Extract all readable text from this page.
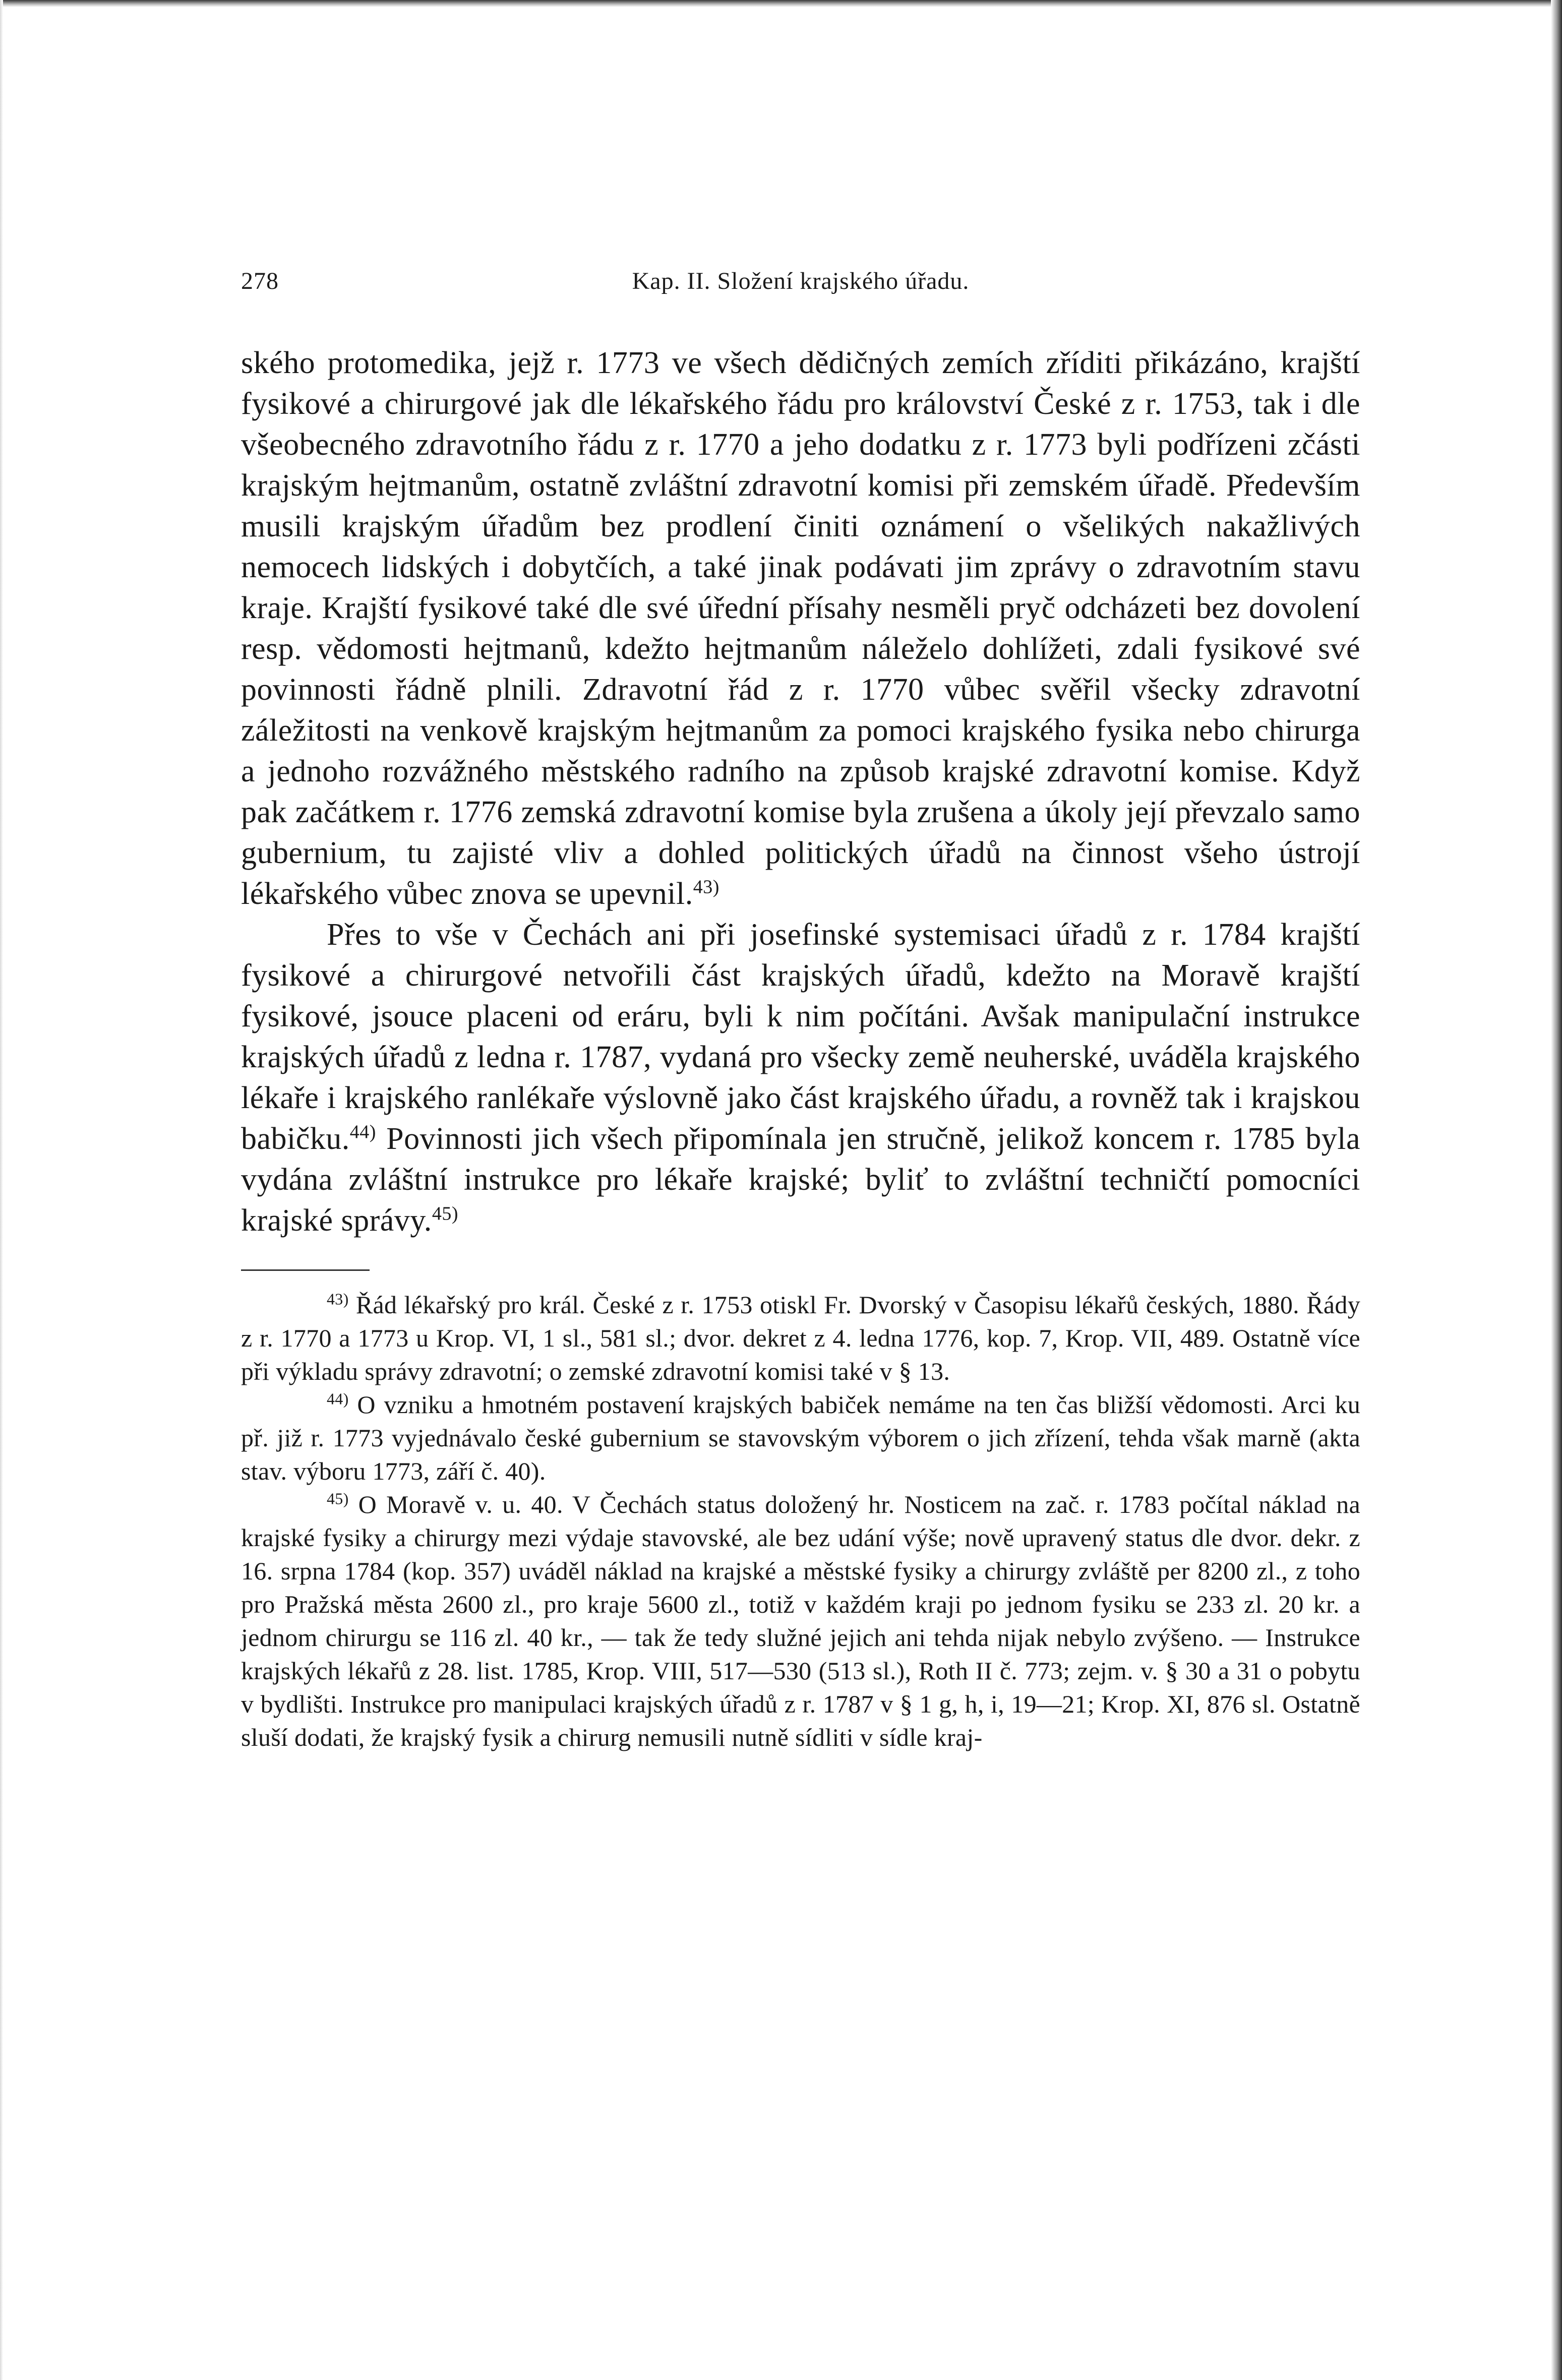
278	Kap. II. Složení krajského úřadu.

ského protomedika, jejž r. 1773 ve všech dědičných zemích zříditi přikázáno, krajští fysikové a chirurgové jak dle lékařského řádu pro království České z r. 1753, tak i dle všeobecného zdravotního řádu z r. 1770 a jeho dodatku z r. 1773 byli podřízeni zčásti krajským hejtmanům, ostatně zvláštní zdravotní komisi při zemském úřadě. Především musili krajským úřadům bez prodlení činiti oznámení o všelikých nakažlivých nemocech lidských i dobytčích, a také jinak podávati jim zprávy o zdravotním stavu kraje. Krajští fysikové také dle své úřední přísahy nesměli pryč odcházeti bez dovolení resp. vědomosti hejtmanů, kdežto hejtmanům náleželo dohlížeti, zdali fysikové své povinnosti řádně plnili. Zdravotní řád z r. 1770 vůbec svěřil všecky zdravotní záležitosti na venkově krajským hejtmanům za pomoci krajského fysika nebo chirurga a jednoho rozvážného městského radního na způsob krajské zdravotní komise. Když pak začátkem r. 1776 zemská zdravotní komise byla zrušena a úkoly její převzalo samo gubernium, tu zajisté vliv a dohled politických úřadů na činnost všeho ústrojí lékařského vůbec znova se upevnil.$^{43)}$

Přes to vše v Čechách ani při josefinské systemisaci úřadů z r. 1784 krajští fysikové a chirurgové netvořili část krajských úřadů, kdežto na Moravě krajští fysikové, jsouce placeni od eráru, byli k nim počítáni. Avšak manipulační instrukce krajských úřadů z ledna r. 1787, vydaná pro všecky země neuherské, uváděla krajského lékaře i krajského ranlékaře výslovně jako část krajského úřadu, a rovněž tak i krajskou babičku.$^{44)}$ Povinnosti jich všech připomínala jen stručně, jelikož koncem r. 1785 byla vydána zvláštní instrukce pro lékaře krajské; byliť to zvláštní techničtí pomocníci krajské správy.$^{45)}$

$^{43)}$ Řád lékařský pro král. České z r. 1753 otiskl Fr. Dvorský v Časopisu lékařů českých, 1880. Řády z r. 1770 a 1773 u Krop. VI, 1 sl., 581 sl.; dvor. dekret z 4. ledna 1776, kop. 7, Krop. VII, 489. Ostatně více při výkladu správy zdravotní; o zemské zdravotní komisi také v § 13.

$^{44)}$ O vzniku a hmotném postavení krajských babiček nemáme na ten čas bližší vědomosti. Arci ku př. již r. 1773 vyjednávalo české gubernium se stavovským výborem o jich zřízení, tehda však marně (akta stav. výboru 1773, září č. 40).

$^{45)}$ O Moravě v. u. 40. V Čechách status doložený hr. Nosticem na zač. r. 1783 počítal náklad na krajské fysiky a chirurgy mezi výdaje stavovské, ale bez udání výše; nově upravený status dle dvor. dekr. z 16. srpna 1784 (kop. 357) uváděl náklad na krajské a městské fysiky a chirurgy zvláště per 8200 zl., z toho pro Pražská města 2600 zl., pro kraje 5600 zl., totiž v každém kraji po jednom fysiku se 233 zl. 20 kr. a jednom chirurgu se 116 zl. 40 kr., — tak že tedy služné jejich ani tehda nijak nebylo zvýšeno. — Instrukce krajských lékařů z 28. list. 1785, Krop. VIII, 517—530 (513 sl.), Roth II č. 773; zejm. v. § 30 a 31 o pobytu v bydlišti. Instrukce pro manipulaci krajských úřadů z r. 1787 v § 1 g, h, i, 19—21; Krop. XI, 876 sl. Ostatně sluší dodati, že krajský fysik a chirurg nemusili nutně sídliti v sídle kraj-
